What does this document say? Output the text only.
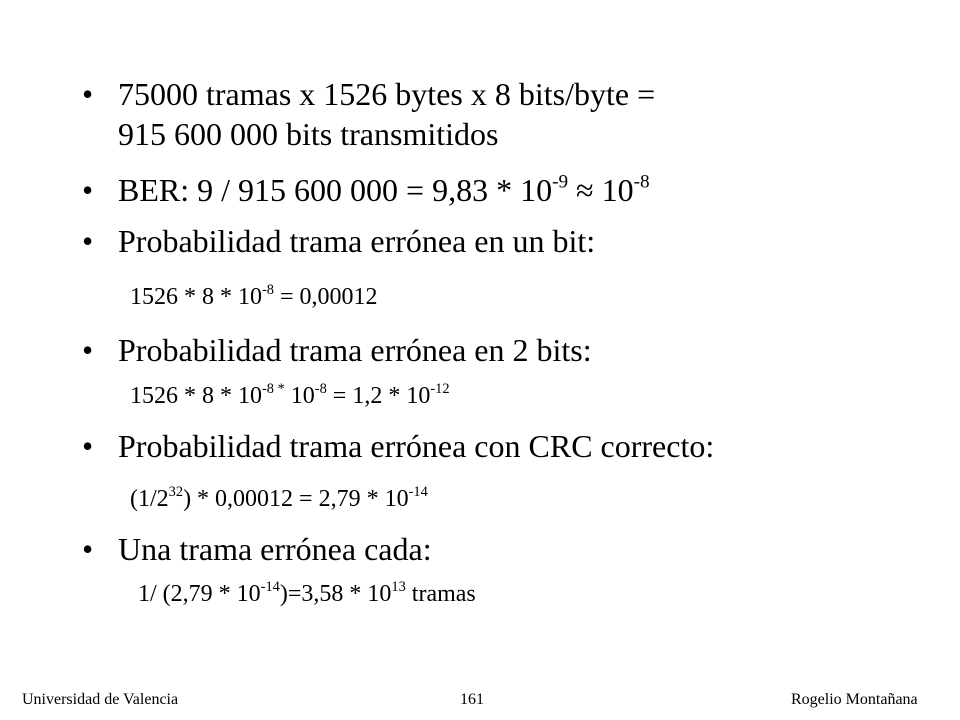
• 75000 tramas x 1526 bytes x 8 bits/byte =
915 600 000 bits transmitidos
• BER: 9 / 915 600 $000 = 9,83 * 10^{-9} \approx 10^{-8}$
• Probabilidad trama errónea en un bit:
$1526 * 8 * 10^{-8} = 0,00012$
• Probabilidad trama errónea en 2 bits:
$1526 * 8 * 10^{-8 *}$ $10^{-8} = 1,2 * 10^{-12}$
• Probabilidad trama errónea con CRC correcto:
$(1/2^{32}) * 0,00012 = 2,79 * 10^{-14}$
• Una trama errónea cada:
1/ $(2,79 * 10^{-14})=3,58 * 10^{13}$ tramas
Universidad de Valencia	161	Rogelio Montañana
